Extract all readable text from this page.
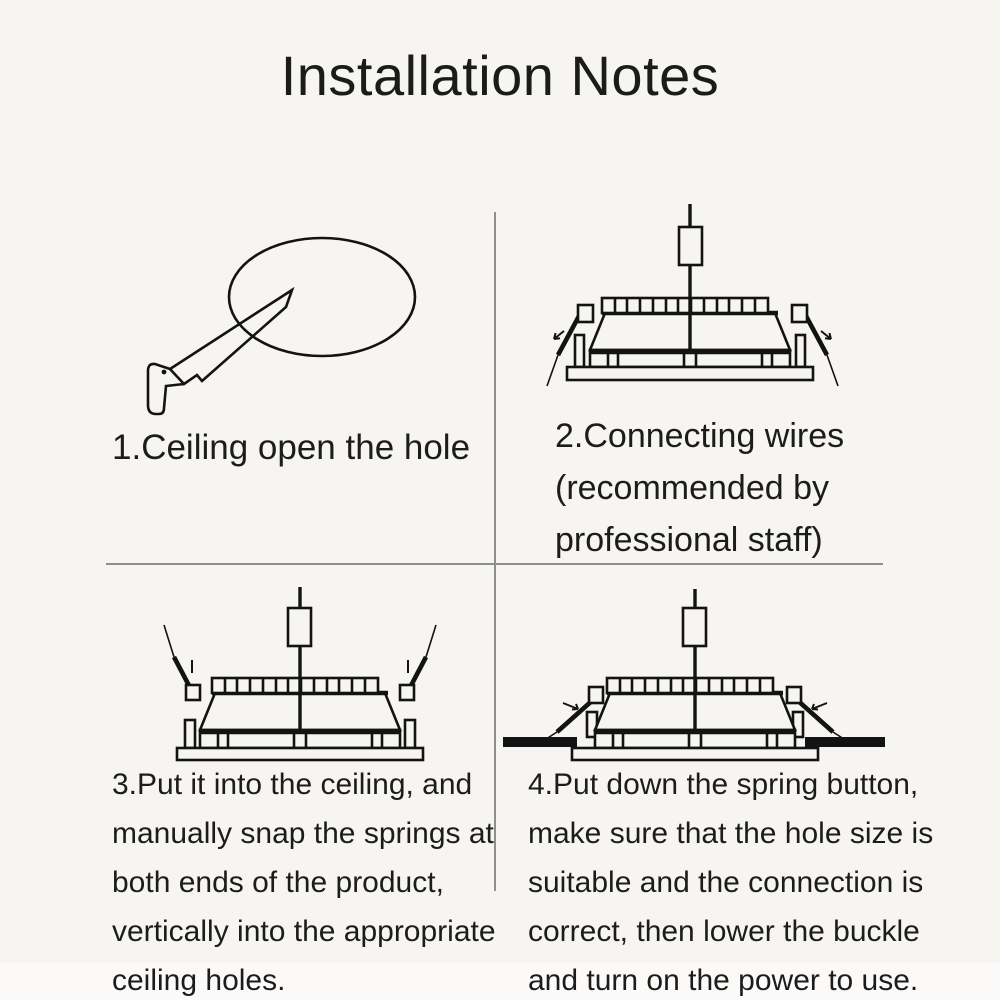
Installation Notes
1.Ceiling open the hole 2.Connecting wires
(recommended by
professional staff)
3.Put it into the ceiling, and
manually snap the springs at
both ends of the product,
vertically into the appropriate
ceiling holes.
4.Put down the spring button,
make sure that the hole size is
suitable and the connection is
correct, then lower the buckle
and turn on the power to use.
